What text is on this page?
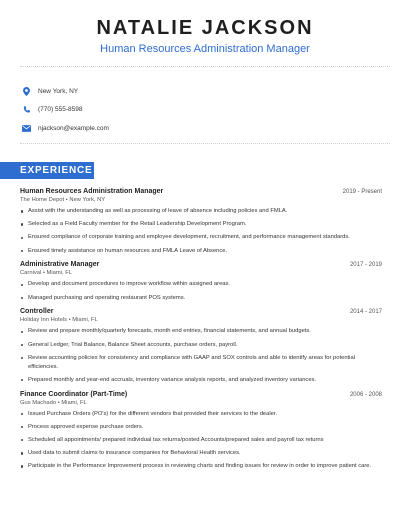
NATALIE JACKSON
Human Resources Administration Manager
New York, NY
(770) 555-8598
njackson@example.com
EXPERIENCE
Human Resources Administration Manager	2019 - Present
The Home Depot • New York, NY
Assist with the understanding as well as processing of leave of absence including policies and FMLA.
Selected as a Field Faculty member for the Retail Leadership Development Program.
Ensured compliance of corporate training and employee development, recruitment, and performance management standards.
Ensured timely assistance on human resources and FMLA Leave of Absence.
Administrative Manager	2017 - 2019
Carnival • Miami, FL
Develop and document procedures to improve workflow within assigned areas.
Managed purchasing and operating restaurant POS systems.
Controller	2014 - 2017
Holiday Inn Hotels • Miami, FL
Review and prepare monthly/quarterly forecasts, month end entries, financial statements, and annual budgets.
General Ledger, Trial Balance, Balance Sheet accounts, purchase orders, payroll.
Review accounting policies for consistency and compliance with GAAP and SOX controls and able to identify areas for potential efficiencies.
Prepared monthly and year-end accruals, inventory variance analysis reports, and analyzed inventory variances.
Finance Coordinator (Part-Time)	2006 - 2008
Gus Machado • Miami, FL
Issued Purchase Orders (PO's) for the different vendors that provided their services to the dealer.
Process approved expense purchase orders.
Scheduled all appointments/ prepared individual tax returns/posted Accounts/prepared sales and payroll tax returns
Used data to submit claims to insurance companies for Behavioral Health services.
Participate in the Performance Improvement process in reviewing charts and finding issues for review in order to improve patient care.
